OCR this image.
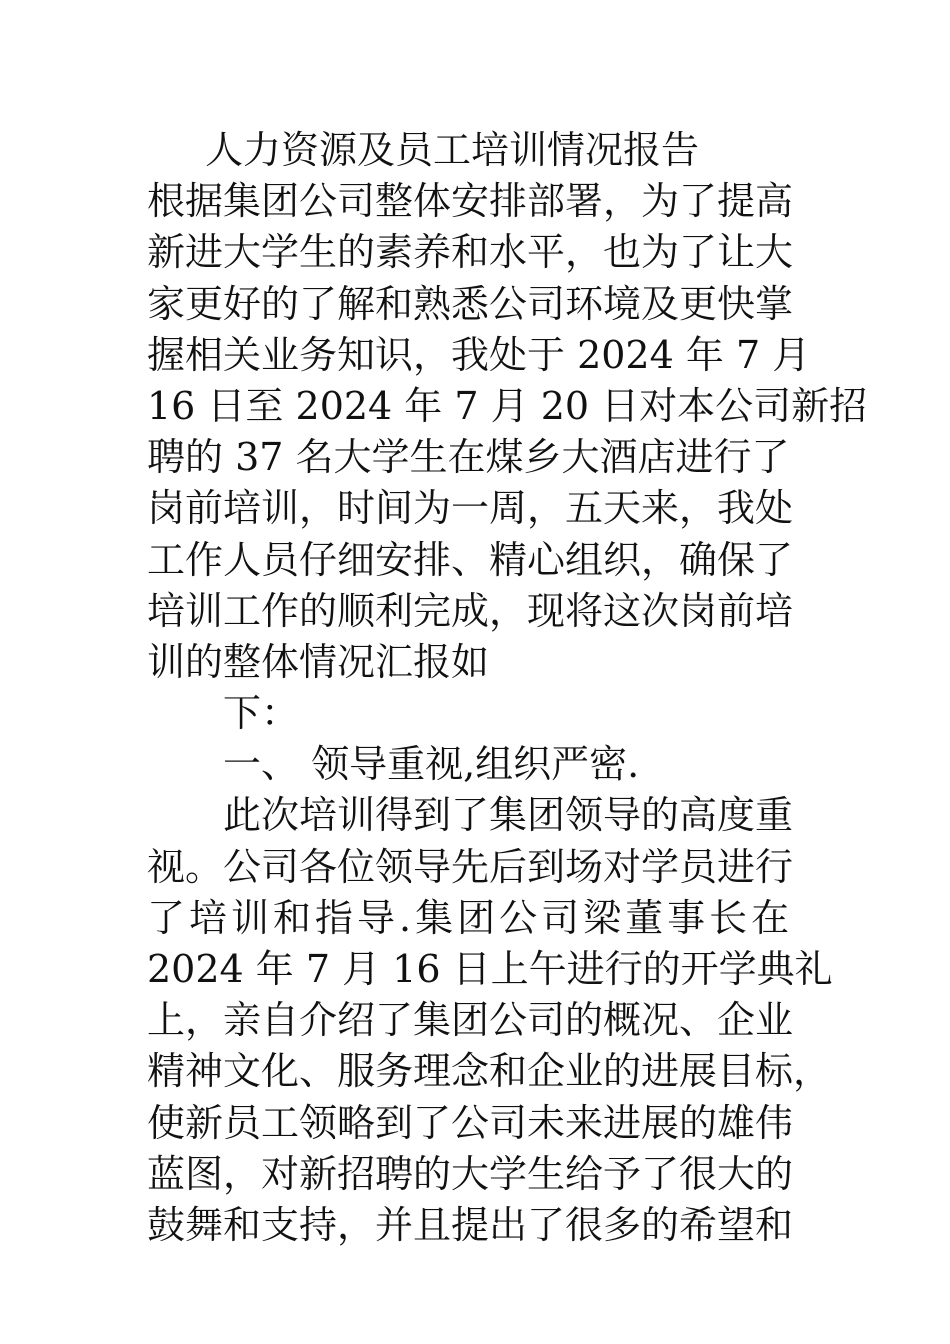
人力资源及员工培训情况报告
根据集团公司整体安排部署，为了提高
新进大学生的素养和水平，也为了让大
家更好的了解和熟悉公司环境及更快掌
握相关业务知识，我处于 2024 年 7 月
16 日至 2024 年 7 月 20 日对本公司新招
聘的 37 名大学生在煤乡大酒店进行了
岗前培训，时间为一周，五天来，我处
工作人员仔细安排、精心组织，确保了
培训工作的顺利完成，现将这次岗前培
训的整体情况汇报如
下：
一、 领导重视,组织严密.
此次培训得到了集团领导的高度重
视。公司各位领导先后到场对学员进行
了培训和指导.集团公司梁董事长在
2024 年 7 月 16 日上午进行的开学典礼
上，亲自介绍了集团公司的概况、企业
精神文化、服务理念和企业的进展目标，
使新员工领略到了公司未来进展的雄伟
蓝图，对新招聘的大学生给予了很大的
鼓舞和支持，并且提出了很多的希望和
